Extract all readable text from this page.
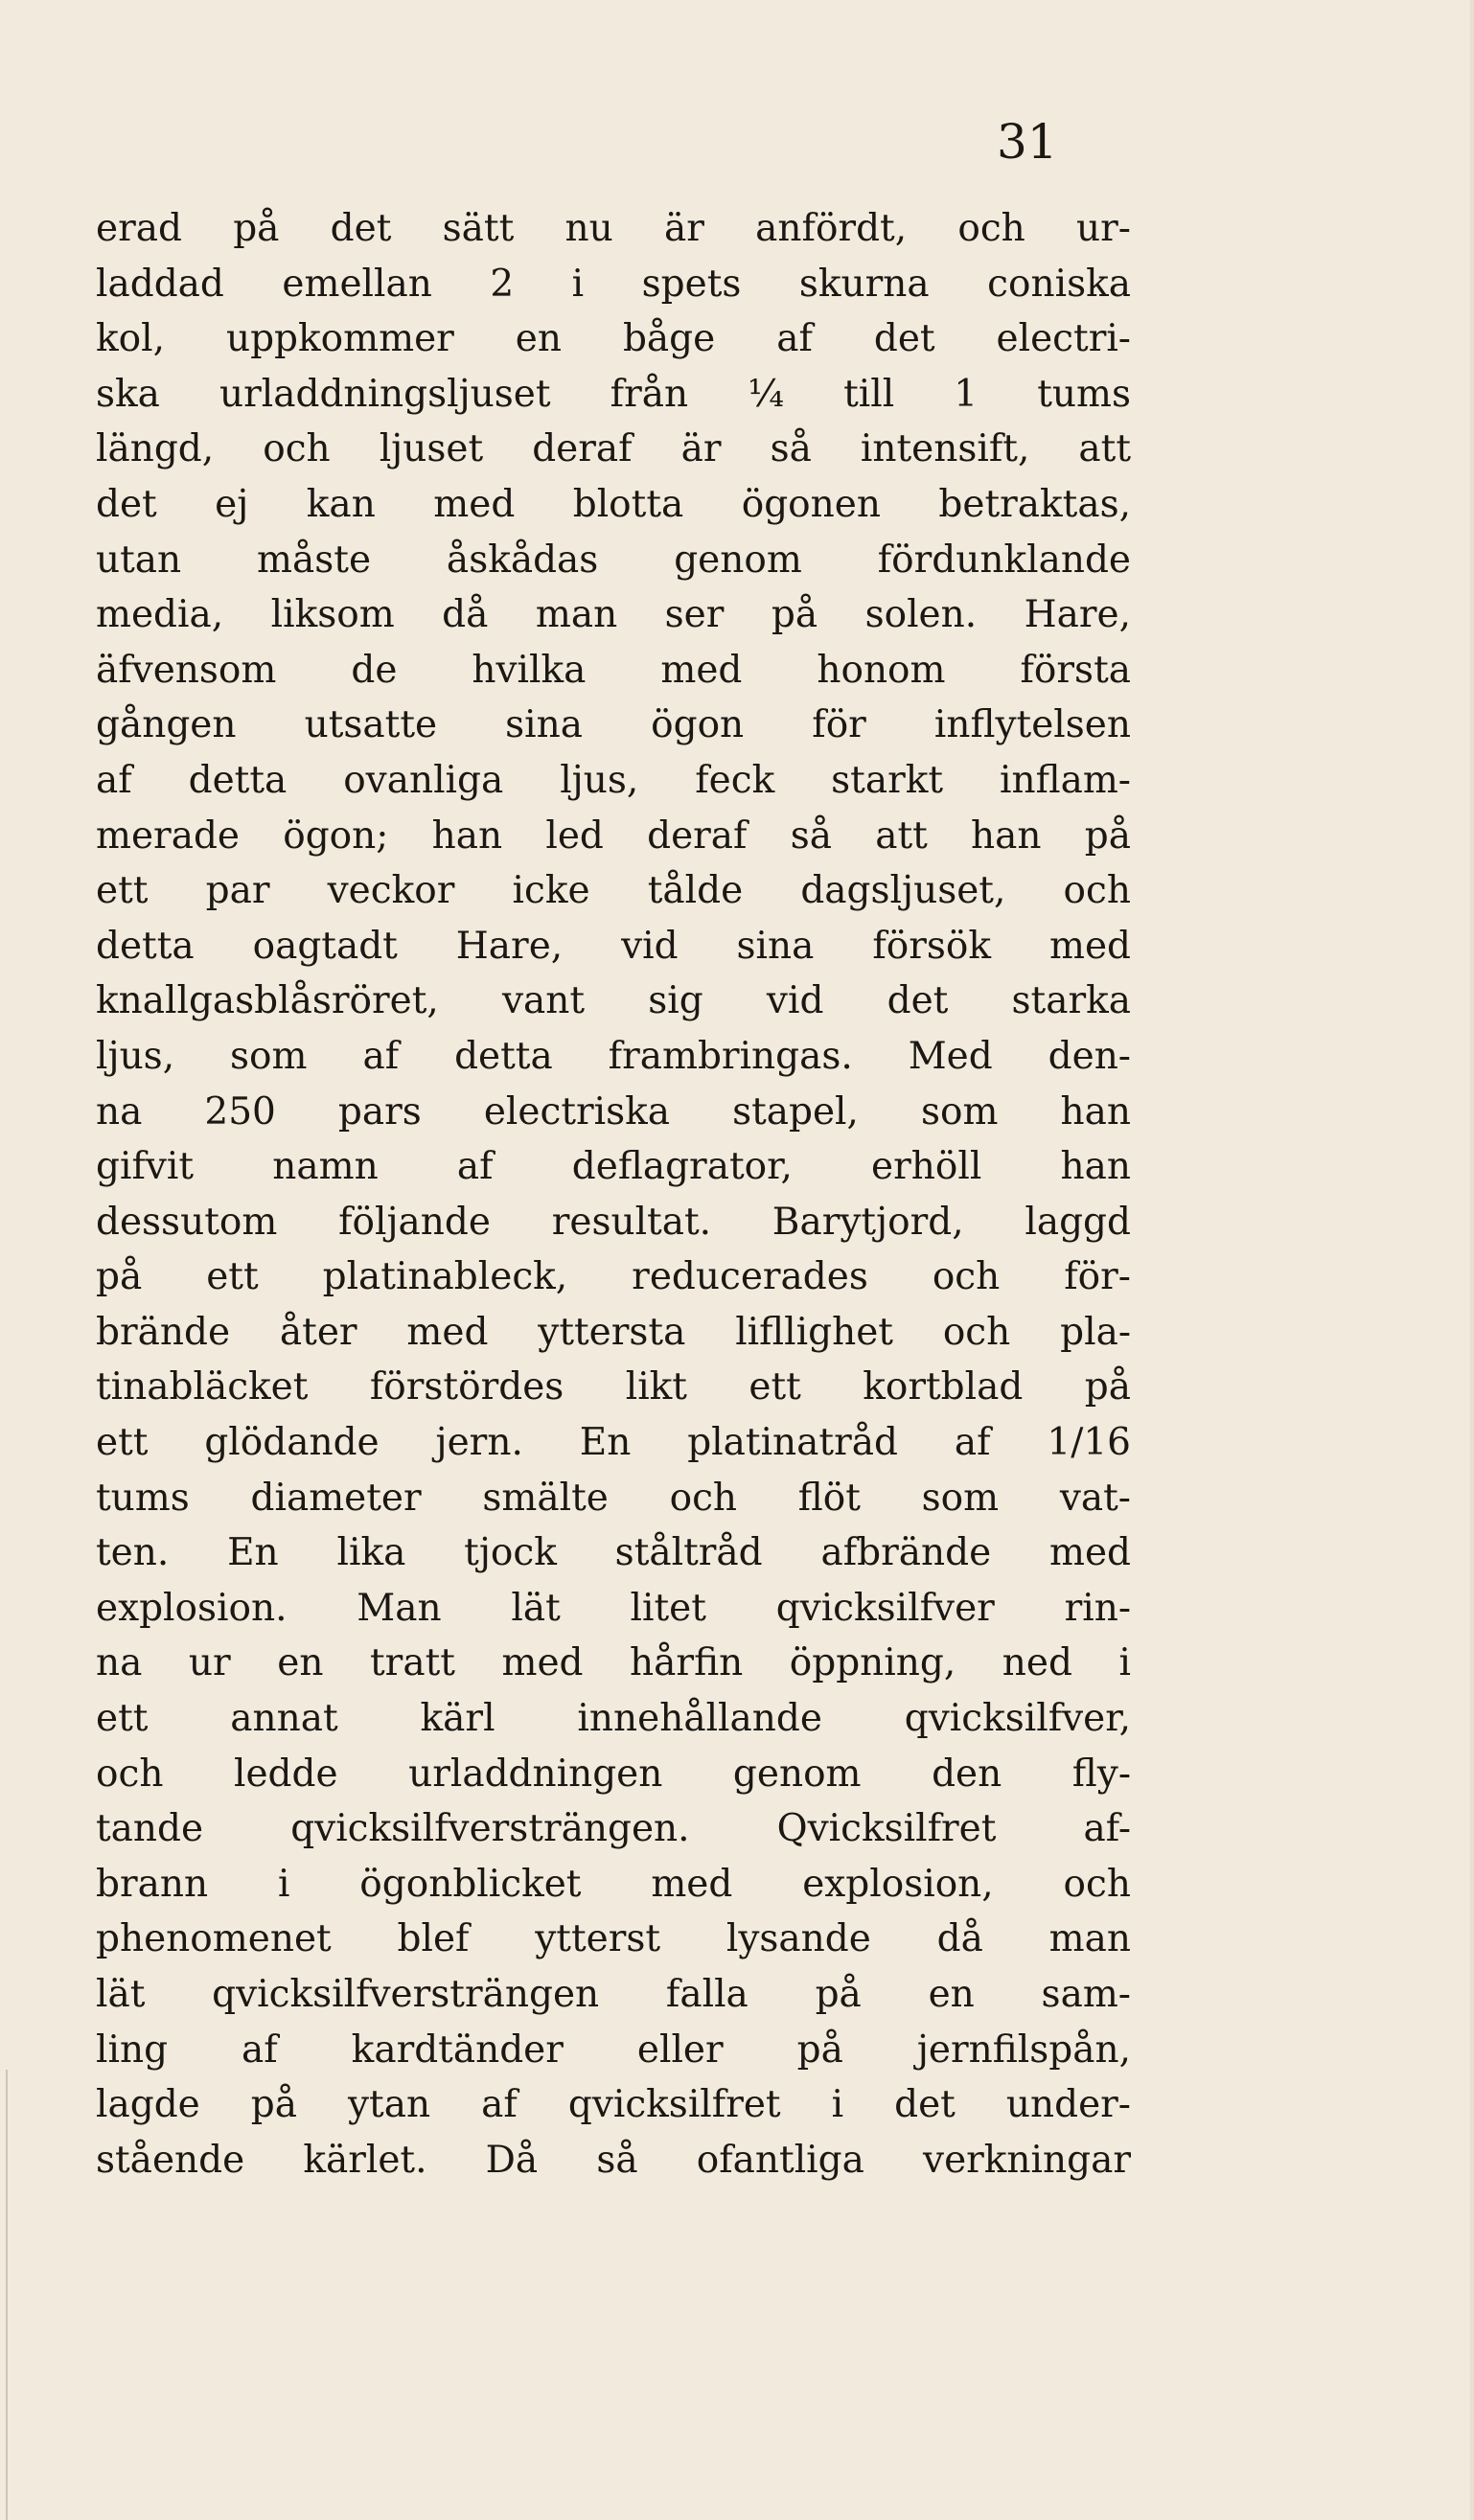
31
erad på det sätt nu är anfördt, och ur-
laddad emellan 2 i spets skurna coniska
kol, uppkommer en båge af det electri-
ska urladdningsljuset från ¼ till 1 tums
längd, och ljuset deraf är så intensift, att
det ej kan med blotta ögonen betraktas,
utan måste åskådas genom fördunklande
media, liksom då man ser på solen. Hare,
äfvensom de hvilka med honom första
gången utsatte sina ögon för inflytelsen
af detta ovanliga ljus, feck starkt inflam-
merade ögon; han led deraf så att han på
ett par veckor icke tålde dagsljuset, och
detta oagtadt Hare, vid sina försök med
knallgasblåsröret, vant sig vid det starka
ljus, som af detta frambringas. Med den-
na 250 pars electriska stapel, som han
gifvit namn af deflagrator, erhöll han
dessutom följande resultat. Barytjord, laggd
på ett platinableck, reducerades och för-
brände åter med yttersta lifllighet och pla-
tinabläcket förstördes likt ett kortblad på
ett glödande jern. En platinatråd af 1/16
tums diameter smälte och flöt som vat-
ten. En lika tjock ståltråd afbrände med
explosion. Man lät litet qvicksilfver rin-
na ur en tratt med hårfin öppning, ned i
ett annat kärl innehållande qvicksilfver,
och ledde urladdningen genom den fly-
tande qvicksilfversträngen. Qvicksilfret af-
brann i ögonblicket med explosion, och
phenomenet blef ytterst lysande då man
lät qvicksilfversträngen falla på en sam-
ling af kardtänder eller på jernfilspån,
lagde på ytan af qvicksilfret i det under-
stående kärlet. Då så ofantliga verkningar
